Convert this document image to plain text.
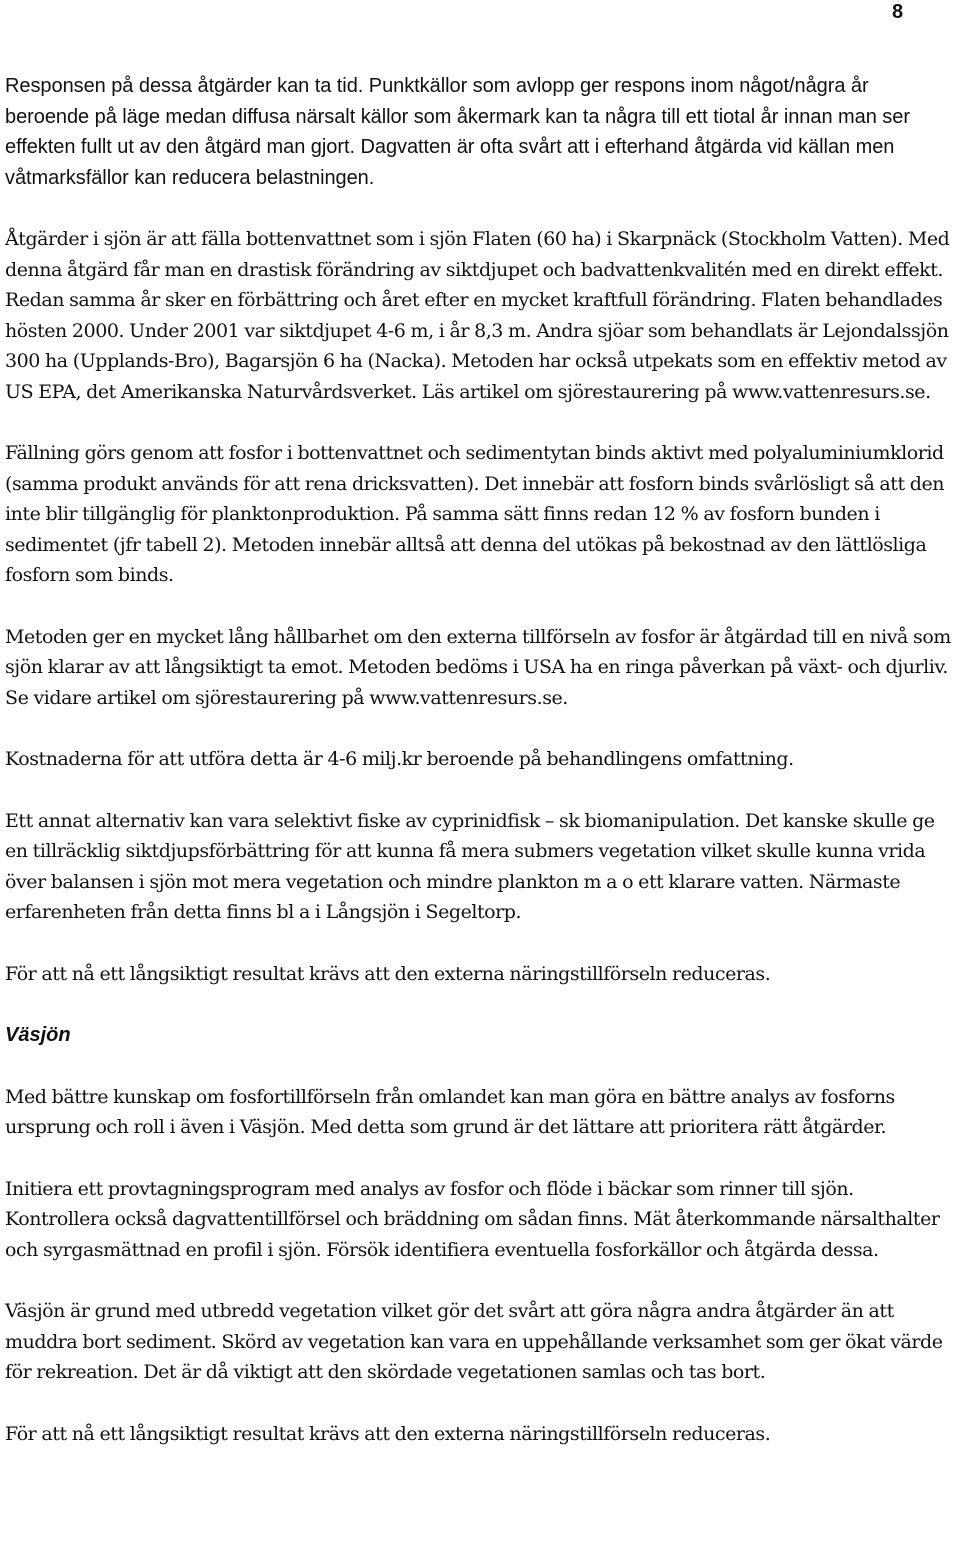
8

Responsen på dessa åtgärder kan ta tid. Punktkällor som avlopp ger respons inom något/några år beroende på läge medan diffusa närsalt källor som åkermark kan ta några till ett tiotal år innan man ser effekten fullt ut av den åtgärd man gjort. Dagvatten är ofta svårt att i efterhand åtgärda vid källan men våtmarksfällor kan reducera belastningen.

Åtgärder i sjön är att fälla bottenvattnet som i sjön Flaten (60 ha) i Skarpnäck (Stockholm Vatten). Med denna åtgärd får man en drastisk förändring av siktdjupet och badvattenkvalitén med en direkt effekt. Redan samma år sker en förbättring och året efter en mycket kraftfull förändring. Flaten behandlades hösten 2000. Under 2001 var siktdjupet 4-6 m, i år 8,3 m. Andra sjöar som behandlats är Lejondalssjön 300 ha (Upplands-Bro), Bagarsjön 6 ha (Nacka). Metoden har också utpekats som en effektiv metod av US EPA, det Amerikanska Naturvårdsverket. Läs artikel om sjörestaurering på www.vattenresurs.se.

Fällning görs genom att fosfor i bottenvattnet och sedimentytan binds aktivt med polyaluminiumklorid (samma produkt används för att rena dricksvatten). Det innebär att fosforn binds svårlösligt så att den inte blir tillgänglig för planktonproduktion. På samma sätt finns redan 12 % av fosforn bunden i sedimentet (jfr tabell 2). Metoden innebär alltså att denna del utökas på bekostnad av den lättlösliga fosforn som binds.

Metoden ger en mycket lång hållbarhet om den externa tillförseln av fosfor är åtgärdad till en nivå som sjön klarar av att långsiktigt ta emot. Metoden bedöms i USA ha en ringa påverkan på växt- och djurliv. Se vidare artikel om sjörestaurering på www.vattenresurs.se.

Kostnaderna för att utföra detta är 4-6 milj.kr beroende på behandlingens omfattning.

Ett annat alternativ kan vara selektivt fiske av cyprinidfisk – sk biomanipulation. Det kanske skulle ge en tillräcklig siktdjupsförbättring för att kunna få mera submers vegetation vilket skulle kunna vrida över balansen i sjön mot mera vegetation och mindre plankton m a o ett klarare vatten. Närmaste erfarenheten från detta finns bl a i Långsjön i Segeltorp.

För att nå ett långsiktigt resultat krävs att den externa näringstillförseln reduceras.

Väsjön

Med bättre kunskap om fosfortillförseln från omlandet kan man göra en bättre analys av fosforns ursprung och roll i även i Väsjön. Med detta som grund är det lättare att prioritera rätt åtgärder.

Initiera ett provtagningsprogram med analys av fosfor och flöde i bäckar som rinner till sjön. Kontrollera också dagvattentillförsel och bräddning om sådan finns. Mät återkommande närsalthalter och syrgasmättnad en profil i sjön. Försök identifiera eventuella fosforkällor och åtgärda dessa.

Väsjön är grund med utbredd vegetation vilket gör det svårt att göra några andra åtgärder än att muddra bort sediment. Skörd av vegetation kan vara en uppehållande verksamhet som ger ökat värde för rekreation. Det är då viktigt att den skördade vegetationen samlas och tas bort.

För att nå ett långsiktigt resultat krävs att den externa näringstillförseln reduceras.
